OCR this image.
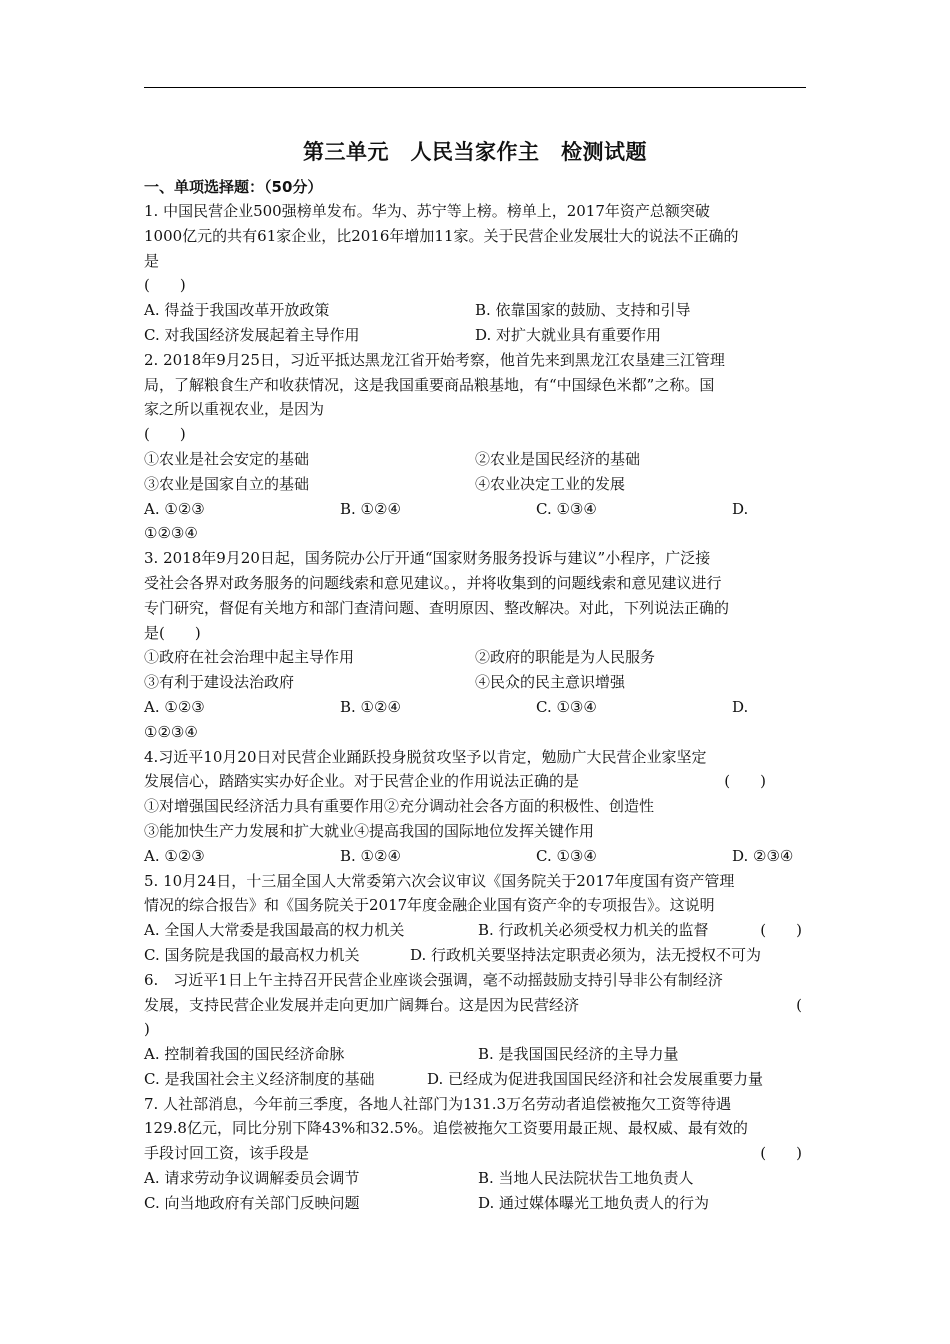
第三单元　人民当家作主　检测试题
一、单项选择题：（50分）
1. 中国民营企业500强榜单发布。华为、苏宁等上榜。榜单上，2017年资产总额突破
1000亿元的共有61家企业，比2016年增加11家。关于民营企业发展壮大的说法不正确的
是
(　　)
A. 得益于我国改革开放政策	B. 依靠国家的鼓励、支持和引导
C. 对我国经济发展起着主导作用	D. 对扩大就业具有重要作用
2. 2018年9月25日，习近平抵达黑龙江省开始考察，他首先来到黑龙江农垦建三江管理
局，了解粮食生产和收获情况，这是我国重要商品粮基地，有“中国绿色米都”之称。国
家之所以重视农业，是因为
(　　)
①农业是社会安定的基础	②农业是国民经济的基础
③农业是国家自立的基础	④农业决定工业的发展
A. ①②③	B. ①②④	C. ①③④	D.
①②③④
3. 2018年9月20日起，国务院办公厅开通“国家财务服务投诉与建议”小程序，广泛接
受社会各界对政务服务的问题线索和意见建议。，并将收集到的问题线索和意见建议进行
专门研究，督促有关地方和部门查清问题、查明原因、整改解决。对此，下列说法正确的
是(　　)
①政府在社会治理中起主导作用	②政府的职能是为人民服务
③有利于建设法治政府	④民众的民主意识增强
A. ①②③	B. ①②④	C. ①③④	D.
①②③④
4.习近平10月20日对民营企业踊跃投身脱贫攻坚予以肯定，勉励广大民营企业家坚定
发展信心，踏踏实实办好企业。对于民营企业的作用说法正确的是	(　　)
①对增强国民经济活力具有重要作用②充分调动社会各方面的积极性、创造性
③能加快生产力发展和扩大就业④提高我国的国际地位发挥关键作用
A. ①②③	B. ①②④	C. ①③④	D. ②③④
5. 10月24日，十三届全国人大常委第六次会议审议《国务院关于2017年度国有资产管理
情况的综合报告》和《国务院关于2017年度金融企业国有资产伞的专项报告》。这说明
A. 全国人大常委是我国最高的权力机关	B. 行政机关必须受权力机关的监督	(　　)
C. 国务院是我国的最高权力机关	D. 行政机关要坚持法定职责必须为，法无授权不可为
6.　习近平1日上午主持召开民营企业座谈会强调，毫不动摇鼓励支持引导非公有制经济
发展，支持民营企业发展并走向更加广阔舞台。这是因为民营经济	(
)
A. 控制着我国的国民经济命脉	B. 是我国国民经济的主导力量
C. 是我国社会主义经济制度的基础	D. 已经成为促进我国国民经济和社会发展重要力量
7. 人社部消息，今年前三季度，各地人社部门为131.3万名劳动者追偿被拖欠工资等待遇
129.8亿元，同比分别下降43%和32.5%。追偿被拖欠工资要用最正规、最权威、最有效的
手段讨回工资，该手段是	(　　)
A. 请求劳动争议调解委员会调节	B. 当地人民法院状告工地负责人
C. 向当地政府有关部门反映问题	D. 通过媒体曝光工地负责人的行为
